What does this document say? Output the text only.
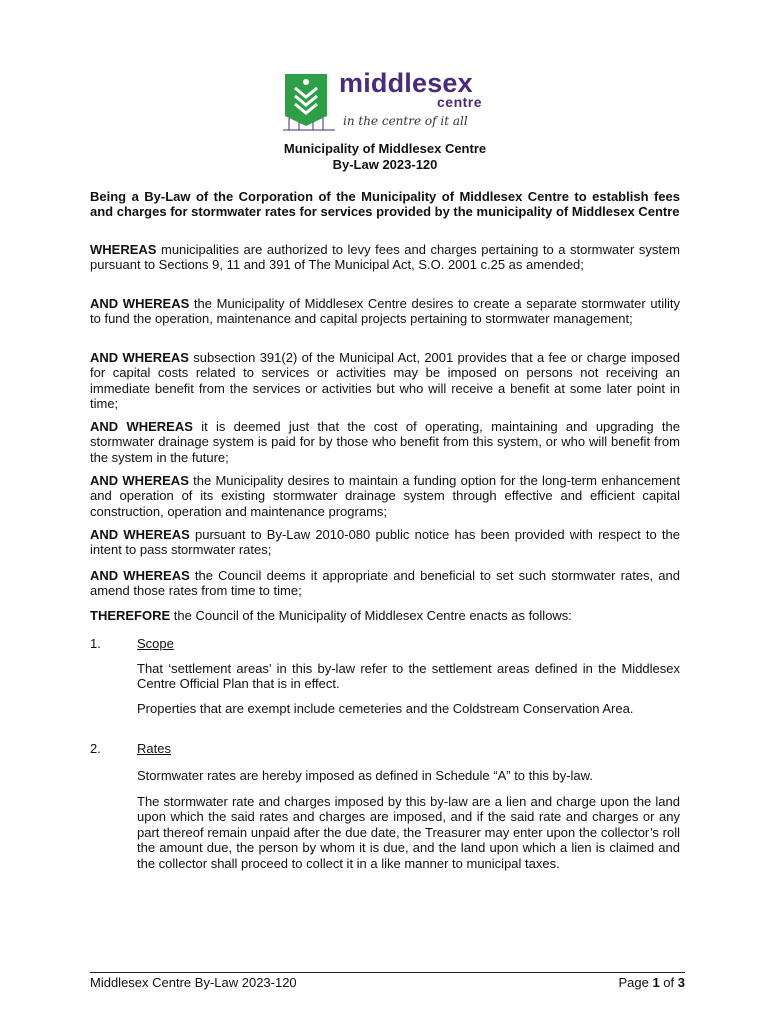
middlesex
centre
in the centre of it all
Municipality of Middlesex Centre
By-Law 2023-120
Being a By-Law of the Corporation of the Municipality of Middlesex Centre to establish fees and charges for stormwater rates for services provided by the municipality of Middlesex Centre
WHEREAS municipalities are authorized to levy fees and charges pertaining to a stormwater system pursuant to Sections 9, 11 and 391 of The Municipal Act, S.O. 2001 c.25 as amended;
AND WHEREAS the Municipality of Middlesex Centre desires to create a separate stormwater utility to fund the operation, maintenance and capital projects pertaining to stormwater management;
AND WHEREAS subsection 391(2) of the Municipal Act, 2001 provides that a fee or charge imposed for capital costs related to services or activities may be imposed on persons not receiving an immediate benefit from the services or activities but who will receive a benefit at some later point in time;
AND WHEREAS it is deemed just that the cost of operating, maintaining and upgrading the stormwater drainage system is paid for by those who benefit from this system, or who will benefit from the system in the future;
AND WHEREAS the Municipality desires to maintain a funding option for the long-term enhancement and operation of its existing stormwater drainage system through effective and efficient capital construction, operation and maintenance programs;
AND WHEREAS pursuant to By-Law 2010-080 public notice has been provided with respect to the intent to pass stormwater rates;
AND WHEREAS the Council deems it appropriate and beneficial to set such stormwater rates, and amend those rates from time to time;
THEREFORE the Council of the Municipality of Middlesex Centre enacts as follows:
1.	Scope
That ‘settlement areas’ in this by-law refer to the settlement areas defined in the Middlesex Centre Official Plan that is in effect.
Properties that are exempt include cemeteries and the Coldstream Conservation Area.
2.	Rates
Stormwater rates are hereby imposed as defined in Schedule “A” to this by-law.
The stormwater rate and charges imposed by this by-law are a lien and charge upon the land upon which the said rates and charges are imposed, and if the said rate and charges or any part thereof remain unpaid after the due date, the Treasurer may enter upon the collector’s roll the amount due, the person by whom it is due, and the land upon which a lien is claimed and the collector shall proceed to collect it in a like manner to municipal taxes.
Middlesex Centre By-Law 2023-120	Page 1 of 3
